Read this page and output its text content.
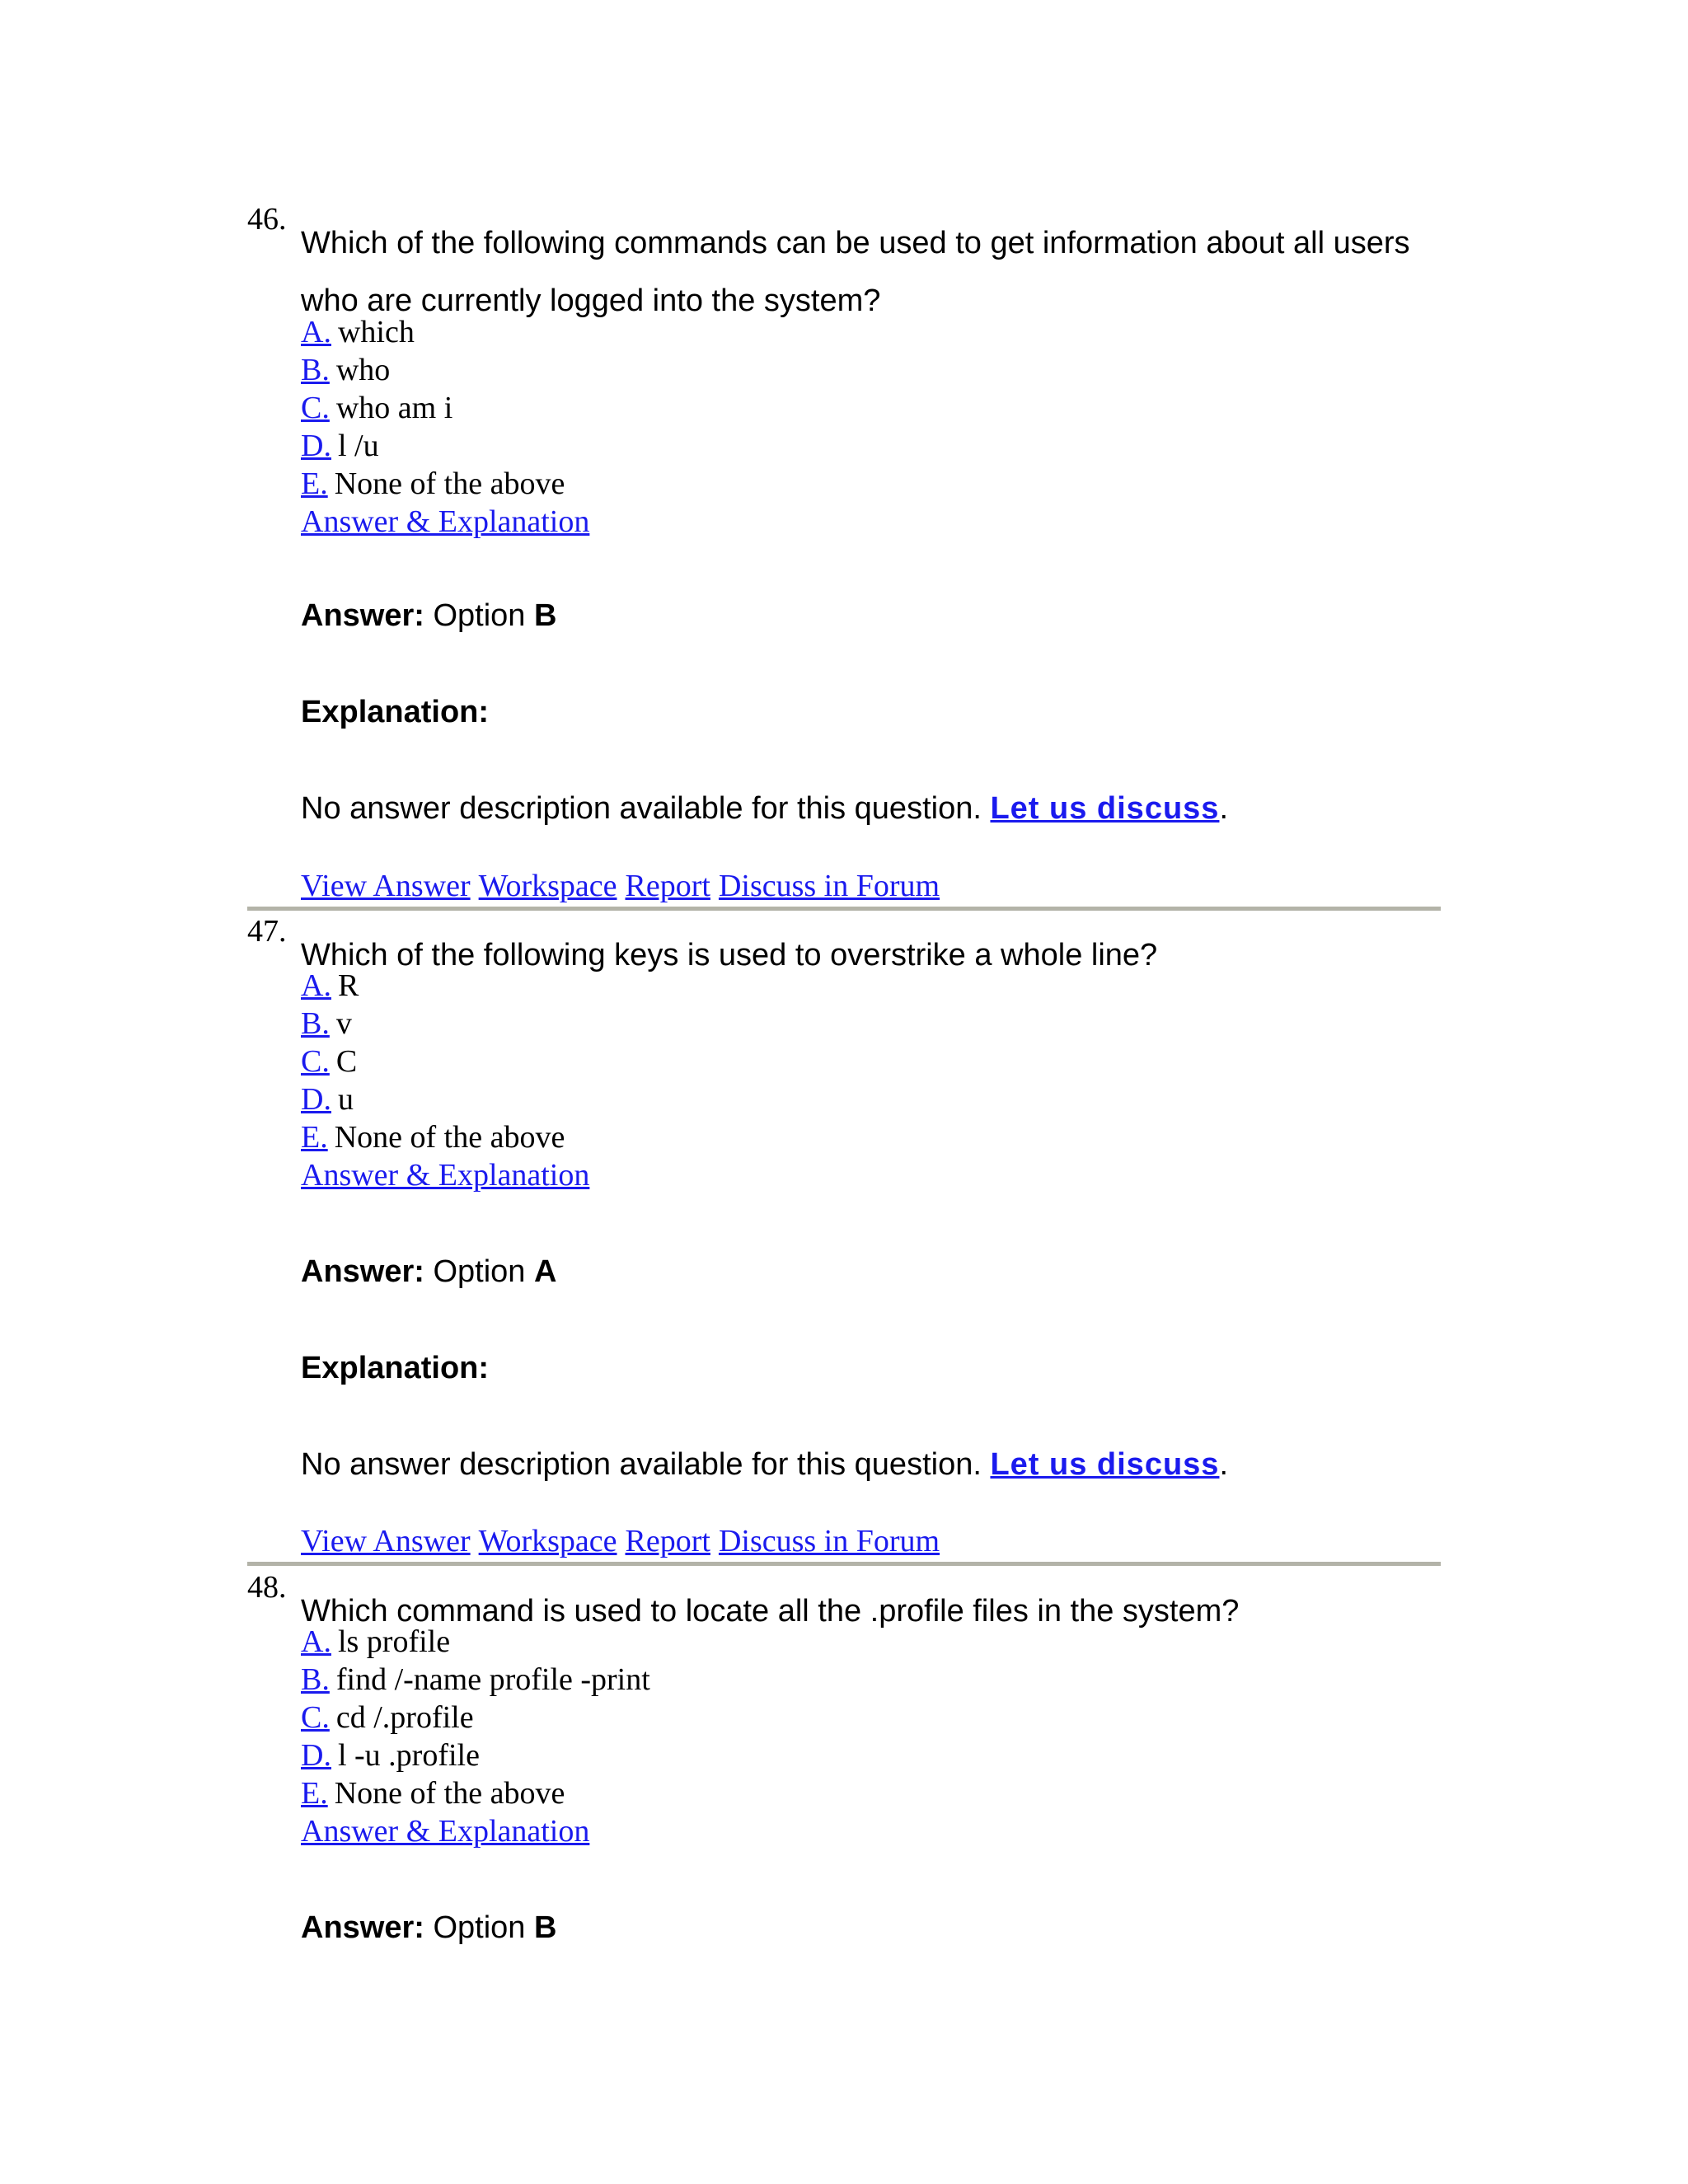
46.
Which of the following commands can be used to get information about all users who are currently logged into the system?
A. which
B. who
C. who am i
D. l /u
E. None of the above
Answer & Explanation
Answer: Option B
Explanation:
No answer description available for this question. Let us discuss.
View Answer Workspace Report Discuss in Forum
47.
Which of the following keys is used to overstrike a whole line?
A. R
B. v
C. C
D. u
E. None of the above
Answer & Explanation
Answer: Option A
Explanation:
No answer description available for this question. Let us discuss.
View Answer Workspace Report Discuss in Forum
48.
Which command is used to locate all the .profile files in the system?
A. ls profile
B. find /-name profile -print
C. cd /.profile
D. l -u .profile
E. None of the above
Answer & Explanation
Answer: Option B
